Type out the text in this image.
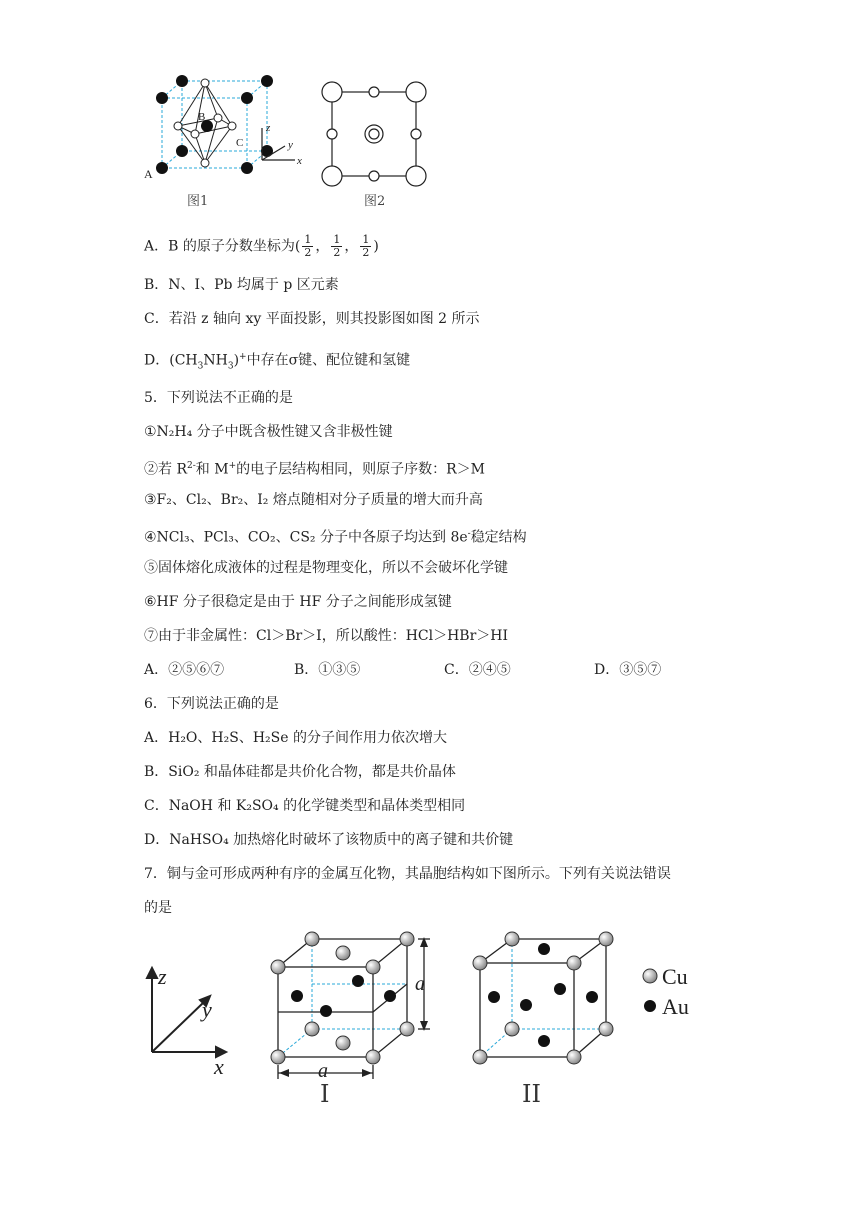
A
B
C
z
y
x
图1	图2
A．B 的原子分数坐标为( $\frac{1}{2}$ ， $\frac{1}{2}$ ， $\frac{1}{2}$ )
B．N、I、Pb 均属于 p 区元素
C．若沿 z 轴向 xy 平面投影，则其投影图如图 2 所示
D．$(CH_3NH_3)^+$中存在σ键、配位键和氢键
5．下列说法不正确的是
①N₂H₄ 分子中既含极性键又含非极性键
②若 $R^{2-}$和 M+的电子层结构相同，则原子序数：R＞M
③F₂、Cl₂、Br₂、I₂ 熔点随相对分子质量的增大而升高
④NCl₃、PCl₃、CO₂、CS₂ 分子中各原子均达到 8e-稳定结构
⑤固体熔化成液体的过程是物理变化，所以不会破坏化学键
⑥HF 分子很稳定是由于 HF 分子之间能形成氢键
⑦由于非金属性：Cl＞Br＞I，所以酸性：HCl＞HBr＞HI
A．②⑤⑥⑦	B．①③⑤	C．②④⑤	D．③⑤⑦
6．下列说法正确的是
A．H₂O、H₂S、H₂Se 的分子间作用力依次增大
B．SiO₂ 和晶体硅都是共价化合物，都是共价晶体
C．NaOH 和 K₂SO₄ 的化学键类型和晶体类型相同
D．NaHSO₄ 加热熔化时破坏了该物质中的离子键和共价键
7．铜与金可形成两种有序的金属互化物，其晶胞结构如下图所示。下列有关说法错误
的是
z
y
x
a
a
I	II
Cu
Au
